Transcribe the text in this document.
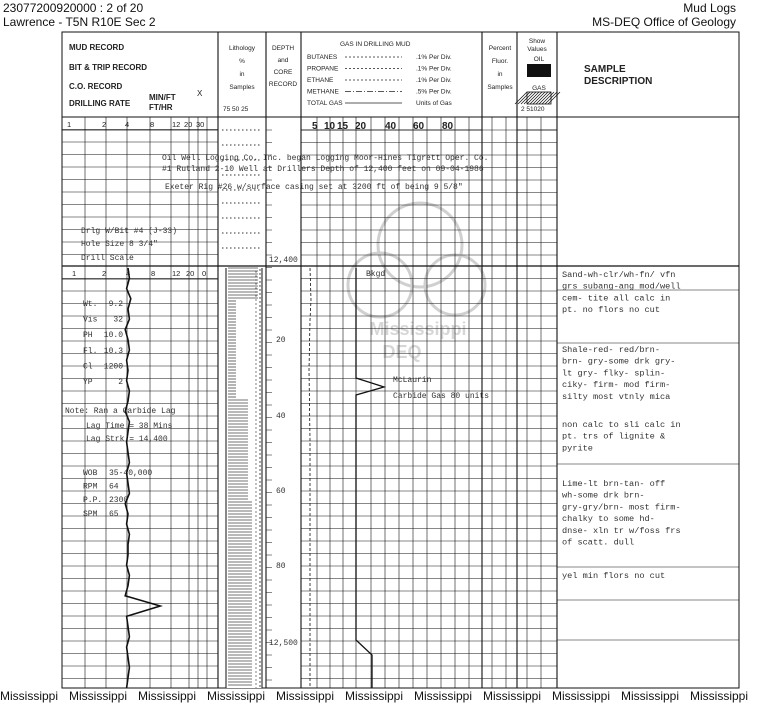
23077200920000 : 2 of 20
Lawrence - T5N R10E Sec 2
Mud Logs
MS-DEQ Office of Geology
MUD RECORD
BIT & TRIP RECORD
C.O. RECORD
DRILLING RATE
MIN/FT
FT/HR
X
1	2	4	8 12 20 30
1	2	4	8 12 20 0
Lithology
%
in
Samples
75 50 25
DEPTH
and
CORE
RECORD
GAS IN DRILLING MUD
BUTANES	.1% Per Div.
PROPANE	.1% Per Div.
ETHANE	.1% Per Div.
METHANE	.5% Per Div.
TOTAL GAS	Units of Gas
5 10 15 20 40 60 80
Percent
Fluor.
in
Samples
Show
Values
OIL
GAS
2 51020
SAMPLE
DESCRIPTION
Oil Well Logging Co. Inc. began Logging Moor-Hines Tigrett Oper. Co.
#1 Rutland 2-10 Well at Drillers Depth of 12,400 feet on 09-04-1986
Exeter Rig #26 w/surface casing set at 3200 ft of being 9 5/8"
Drlg W/Bit #4 (J-33)
Hole Size 8 3/4"
Drill Scale
Wt. 9.2
Vis 32
PH 10.0
Fl. 10.3
Cl 1200
YP	2
Note: Ran a Carbide Lag
Lag Time = 38 Mins
Lag Strk = 14,400
WOB 35-40,000
RPM 64
P.P. 2300
SPM 65
12,400
20
40
60
80
12,500
Bkgd
McLaurin
Carbide Gas 80 units
Mississippi
DEQ
Sand-wh-clr/wh-fn/ vfn
grs subang-ang mod/well
cem- tite all calc in
pt. no flors no cut
Shale-red- red/brn-
brn- gry-some drk gry-
lt gry- flky- splin-
ciky- firm- mod firm-
silty most vtnly mica
non calc to sli calc in
pt. trs of lignite &
pyrite
Lime-lt brn-tan- off
wh-some drk brn-
gry-gry/brn- most firm-
chalky to some hd-
dnse- xln tr w/foss frs
of scatt. dull
yel min flors no cut
Mississippi Mississippi Mississippi Mississippi Mississippi Mississippi Mississippi Mississippi Mississippi Mississippi Mississippi
